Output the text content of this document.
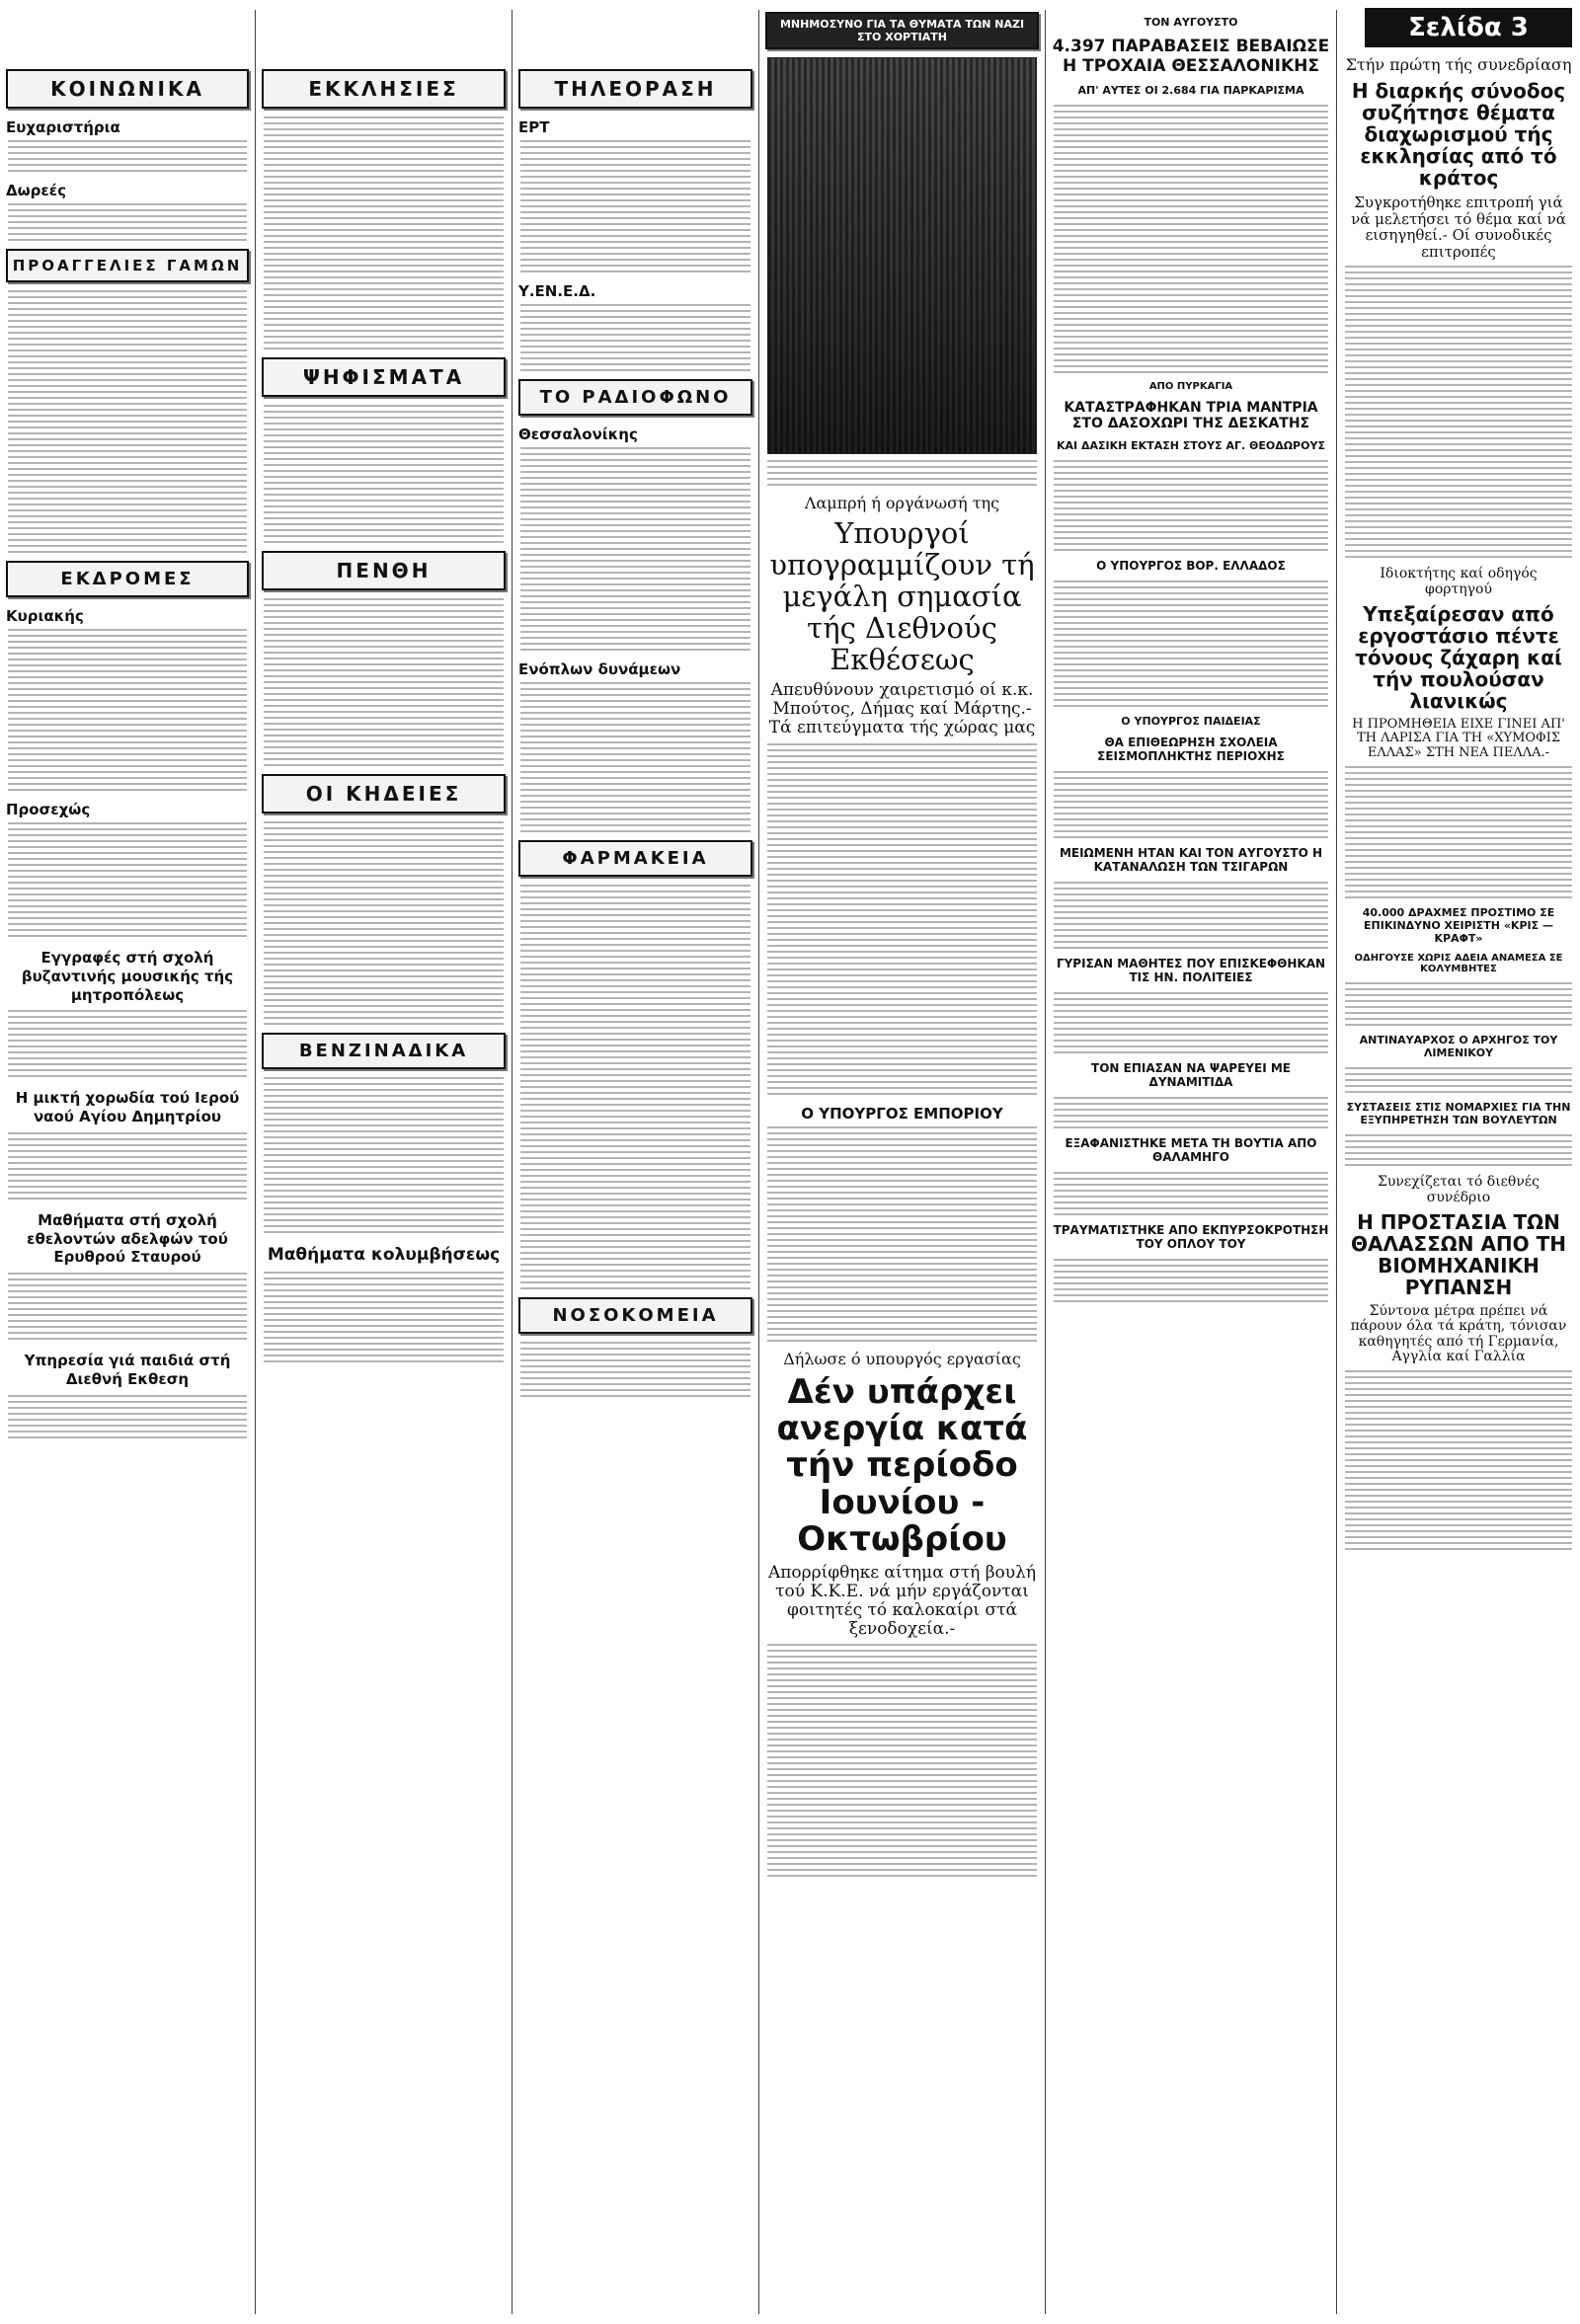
Σελίδα 3
ΚΟΙΝΩΝΙΚΑ
Ευχαριστήρια
Δωρεές
ΠΡΟΑΓΓΕΛΙΕΣ ΓΑΜΩΝ
ΕΚΔΡΟΜΕΣ
Κυριακής
Προσεχώς
Εγγραφές στή σχολή βυζαντινής μουσικής τής μητροπόλεως
Η μικτή χορωδία τού Ιερού ναού Αγίου Δημητρίου
Μαθήματα στή σχολή εθελοντών αδελφών τού Ερυθρού Σταυρού
Υπηρεσία γιά παιδιά στή Διεθνή Εκθεση
ΕΚΚΛΗΣΙΕΣ
ΨΗΦΙΣΜΑΤΑ
ΠΕΝΘΗ
ΟΙ ΚΗΔΕΙΕΣ
ΒΕΝΖΙΝΑΔΙΚΑ
Μαθήματα κολυμβήσεως
ΤΗΛΕΟΡΑΣΗ
ΕΡΤ
Υ.ΕΝ.Ε.Δ.
ΤΟ ΡΑΔΙΟΦΩΝΟ
Θεσσαλονίκης
Ενόπλων δυνάμεων
ΦΑΡΜΑΚΕΙΑ
ΝΟΣΟΚΟΜΕΙΑ
ΜΝΗΜΟΣΥΝΟ ΓΙΑ ΤΑ ΘΥΜΑΤΑ ΤΩΝ ΝΑΖΙ ΣΤΟ ΧΟΡΤΙΑΤΗ
Λαμπρή ή οργάνωσή της
Υπουργοί υπογραμμίζουν τή μεγάλη σημασία τής Διεθνούς Εκθέσεως
Απευθύνουν χαιρετισμό οί κ.κ. Μπούτος, Δήμας καί Μάρτης.- Τά επιτεύγματα τής χώρας μας
Ο ΥΠΟΥΡΓΟΣ ΕΜΠΟΡΙΟΥ
Δήλωσε ό υπουργός εργασίας
Δέν υπάρχει ανεργία κατά τήν περίοδο Ιουνίου - Οκτωβρίου
Απορρίφθηκε αίτημα στή βουλή τού Κ.Κ.Ε. νά μήν εργάζονται φοιτητές τό καλοκαίρι στά ξενοδοχεία.-
ΤΟΝ ΑΥΓΟΥΣΤΟ
4.397 ΠΑΡΑΒΑΣΕΙΣ ΒΕΒΑΙΩΣΕ Η ΤΡΟΧΑΙΑ ΘΕΣΣΑΛΟΝΙΚΗΣ
ΑΠ' ΑΥΤΕΣ ΟΙ 2.684 ΓΙΑ ΠΑΡΚΑΡΙΣΜΑ
ΑΠΟ ΠΥΡΚΑΓΙΑ
ΚΑΤΑΣΤΡΑΦΗΚΑΝ ΤΡΙΑ ΜΑΝΤΡΙΑ ΣΤΟ ΔΑΣΟΧΩΡΙ ΤΗΣ ΔΕΣΚΑΤΗΣ
ΚΑΙ ΔΑΣΙΚΗ ΕΚΤΑΣΗ ΣΤΟΥΣ ΑΓ. ΘΕΟΔΩΡΟΥΣ
Ο ΥΠΟΥΡΓΟΣ ΒΟΡ. ΕΛΛΑΔΟΣ
Ο ΥΠΟΥΡΓΟΣ ΠΑΙΔΕΙΑΣ
ΘΑ ΕΠΙΘΕΩΡΗΣΗ ΣΧΟΛΕΙΑ ΣΕΙΣΜΟΠΛΗΚΤΗΣ ΠΕΡΙΟΧΗΣ
ΜΕΙΩΜΕΝΗ ΗΤΑΝ ΚΑΙ ΤΟΝ ΑΥΓΟΥΣΤΟ Η ΚΑΤΑΝΑΛΩΣΗ ΤΩΝ ΤΣΙΓΑΡΩΝ
ΓΥΡΙΣΑΝ ΜΑΘΗΤΕΣ ΠΟΥ ΕΠΙΣΚΕΦΘΗΚΑΝ ΤΙΣ ΗΝ. ΠΟΛΙΤΕΙΕΣ
ΤΟΝ ΕΠΙΑΣΑΝ ΝΑ ΨΑΡΕΥΕΙ ΜΕ ΔΥΝΑΜΙΤΙΔΑ
ΕΞΑΦΑΝΙΣΤΗΚΕ ΜΕΤΑ ΤΗ ΒΟΥΤΙΑ ΑΠΟ ΘΑΛΑΜΗΓΟ
ΤΡΑΥΜΑΤΙΣΤΗΚΕ ΑΠΟ ΕΚΠΥΡΣΟΚΡΟΤΗΣΗ ΤΟΥ ΟΠΛΟΥ ΤΟΥ
Στήν πρώτη τής συνεδρίαση
Η διαρκής σύνοδος συζήτησε θέματα διαχωρισμού τής εκκλησίας από τό κράτος
Συγκροτήθηκε επιτροπή γιά νά μελετήσει τό θέμα καί νά εισηγηθεί.- Οί συνοδικές επιτροπές
Ιδιοκτήτης καί οδηγός φορτηγού
Υπεξαίρεσαν από εργοστάσιο πέντε τόνους ζάχαρη καί τήν πουλούσαν λιανικώς
Η ΠΡΟΜΗΘΕΙΑ ΕΙΧΕ ΓΙΝΕΙ ΑΠ' ΤΗ ΛΑΡΙΣΑ ΓΙΑ ΤΗ «ΧΥΜΟΦΙΣ ΕΛΛΑΣ» ΣΤΗ ΝΕΑ ΠΕΛΛΑ.-
40.000 ΔΡΑΧΜΕΣ ΠΡΟΣΤΙΜΟ ΣΕ ΕΠΙΚΙΝΔΥΝΟ ΧΕΙΡΙΣΤΗ «ΚΡΙΣ — ΚΡΑΦΤ»
ΟΔΗΓΟΥΣΕ ΧΩΡΙΣ ΑΔΕΙΑ ΑΝΑΜΕΣΑ ΣΕ ΚΟΛΥΜΒΗΤΕΣ
ΑΝΤΙΝΑΥΑΡΧΟΣ Ο ΑΡΧΗΓΟΣ ΤΟΥ ΛΙΜΕΝΙΚΟΥ
ΣΥΣΤΑΣΕΙΣ ΣΤΙΣ ΝΟΜΑΡΧΙΕΣ ΓΙΑ ΤΗΝ ΕΞΥΠΗΡΕΤΗΣΗ ΤΩΝ ΒΟΥΛΕΥΤΩΝ
Συνεχίζεται τό διεθνές συνέδριο
Η ΠΡΟΣΤΑΣΙΑ ΤΩΝ ΘΑΛΑΣΣΩΝ ΑΠΟ ΤΗ ΒΙΟΜΗΧΑΝΙΚΗ ΡΥΠΑΝΣΗ
Σύντονα μέτρα πρέπει νά πάρουν όλα τά κράτη, τόνισαν καθηγητές από τή Γερμανία, Αγγλία καί Γαλλία
